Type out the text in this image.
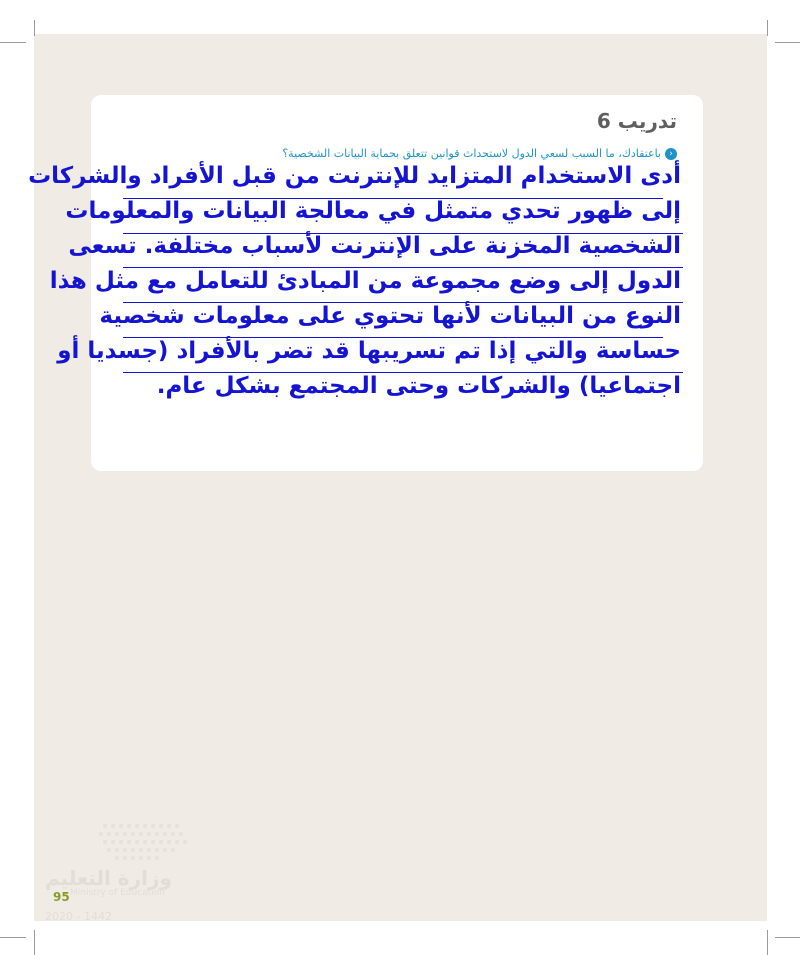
تدريب 6
‹
باعتقادك، ما السبب لسعي الدول لاستحداث قوانين تتعلق بحماية البيانات الشخصية؟
أدى الاستخدام المتزايد للإنترنت من قبل الأفراد والشركات
إلى ظهور تحدي متمثل في معالجة البيانات والمعلومات
الشخصية المخزنة على الإنترنت لأسباب مختلفة. تسعى
الدول إلى وضع مجموعة من المبادئ للتعامل مع مثل هذا
النوع من البيانات لأنها تحتوي على معلومات شخصية
حساسة والتي إذا تم تسريبها قد تضر بالأفراد (جسديا أو
اجتماعيا) والشركات وحتى المجتمع بشكل عام.
وزارة التعليم
Ministry of Education
2020 - 1442
95
